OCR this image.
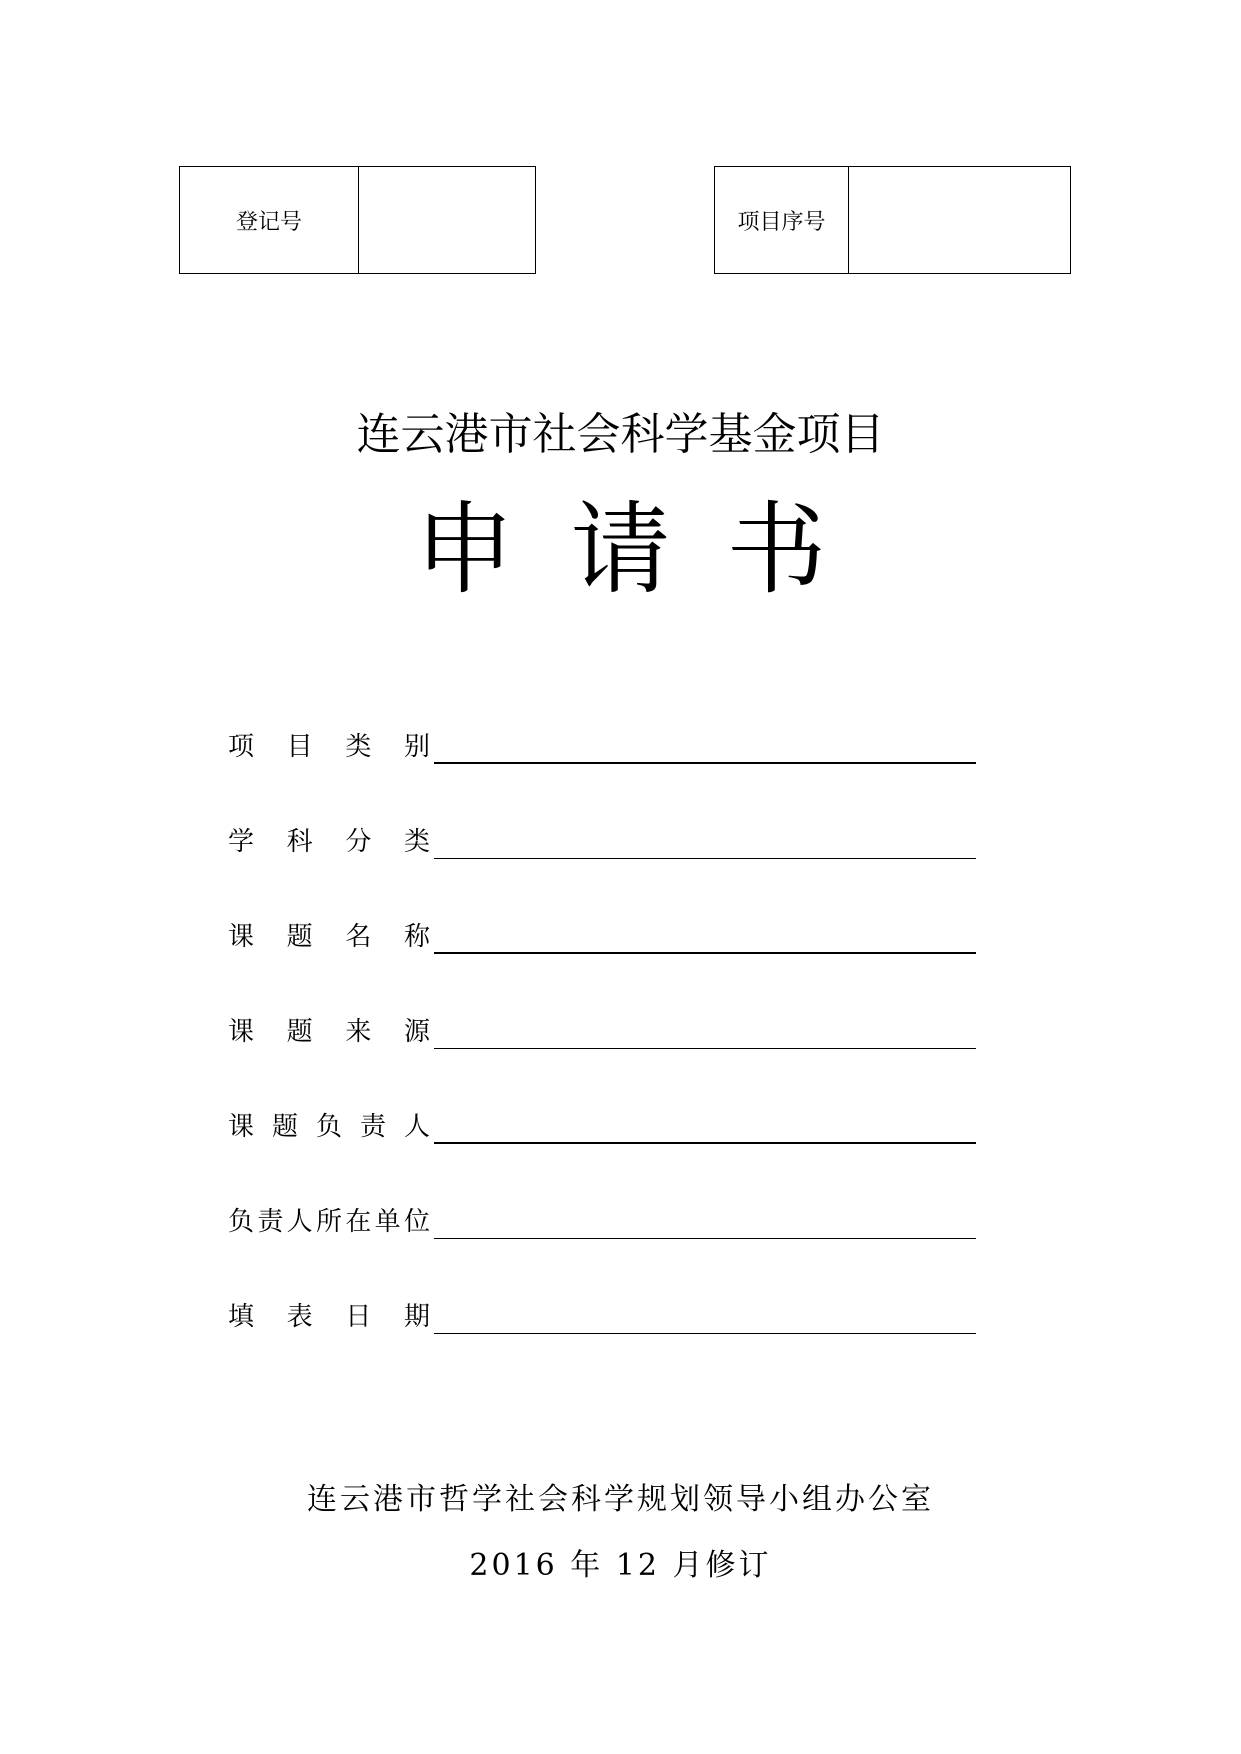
登记号	项目序号
连云港市社会科学基金项目
申请书
项 目 类 别
学 科 分 类
课 题 名 称
课 题 来 源
课 题 负 责 人
负 责 人 所 在 单 位
填 表 日 期
连云港市哲学社会科学规划领导小组办公室
2016 年 12 月修订
